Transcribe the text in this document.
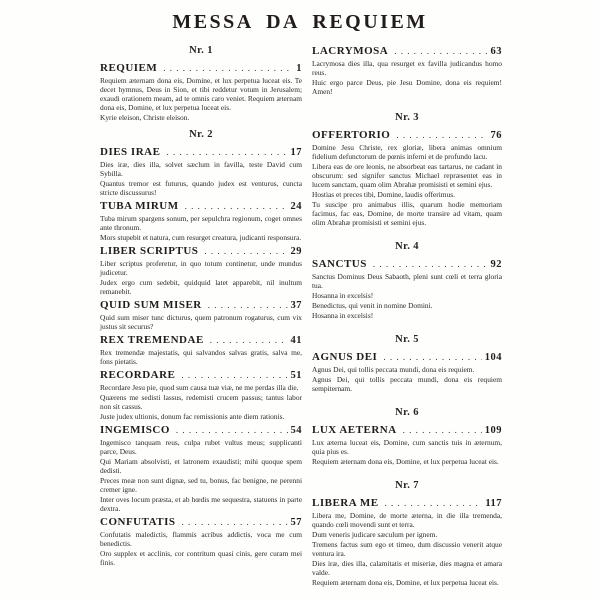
MESSA DA REQUIEM
Nr. 1
REQUIEM . . .	1

Requiem æternam dona eis, Domine, et lux perpetua luceat eis. Te decet hymnus, Deus in Sion, et tibi reddetur votum in Jerusalem; exaudi orationem meam, ad te omnis caro veniet. Requiem æternam dona eis, Domine, et lux perpetua luceat eis.

Kyrie eleison, Christe eleison.

Nr. 2
DIES IRAE . . .	17

Dies iræ, dies illa, solvet sæclum in favilla, teste David cum Sybilla.

Quantus tremor est futurus, quando judex est venturus, cuncta stricte discussurus!

TUBA MIRUM . . .	24

Tuba mirum spargens sonum, per sepulchra regionum, coget omnes ante thronum.

Mors stupebit et natura, cum resurget creatura, judicanti responsura.

LIBER SCRIPTUS . . .	29

Liber scriptus proferetur, in quo totum continetur, unde mundus judicetur.

Judex ergo cum sedebit, quidquid latet apparebit, nil inultum remanebit.

QUID SUM MISER . . .	37

Quid sum miser tunc dicturus, quem patronum rogaturus, cum vix justus sit securus?

REX TREMENDAE . . .	41

Rex tremendæ majestatis, qui salvandos salvas gratis, salva me, fons pietatis.

RECORDARE . . .	51

Recordare Jesu pie, quod sum causa tuæ viæ, ne me perdas illa die.

Quærens me sedisti lassus, redemisti crucem passus; tantus labor non sit cassus.

Juste judex ultionis, donum fac remissionis ante diem rationis.

INGEMISCO . . .	54

Ingemisco tanquam reus, culpa rubet vultus meus; supplicanti parce, Deus.

Qui Mariam absolvisti, et latronem exaudisti; mihi quoque spem dedisti.

Preces meæ non sunt dignæ, sed tu, bonus, fac benigne, ne perenni cremer igne.

Inter oves locum præsta, et ab hœdis me sequestra, statuens in parte dextra.

CONFUTATIS . . .	57

Confutatis maledictis, flammis acribus addictis, voca me cum benedictis.

Oro supplex et acclinis, cor contritum quasi cinis, gere curam mei finis.

LACRYMOSA . . .	63

Lacrymosa dies illa, qua resurget ex favilla judicandus homo reus.

Huic ergo parce Deus, pie Jesu Domine, dona eis requiem! Amen!

Nr. 3
OFFERTORIO . . .	76

Domine Jesu Christe, rex gloriæ, libera animas omnium fidelium defunctorum de pœnis inferni et de profundo lacu.

Libera eas de ore leonis, ne absorbeat eas tartarus, ne cadant in obscurum: sed signifer sanctus Michael repræsentet eas in lucem sanctam, quam olim Abrahæ promisisti et semini ejus.

Hostias et preces tibi, Domine, laudis offerimus.

Tu suscipe pro animabus illis, quarum hodie memoriam facimus, fac eas, Domine, de morte transire ad vitam, quam olim Abrahæ promisisti et semini ejus.

Nr. 4
SANCTUS . . .	92

Sanctus Dominus Deus Sabaoth, pleni sunt cœli et terra gloria tua.

Hosanna in excelsis!

Benedictus, qui venit in nomine Domini.

Hosanna in excelsis!

Nr. 5
AGNUS DEI . . .	104

Agnus Dei, qui tollis peccata mundi, dona eis requiem.

Agnus Dei, qui tollis peccata mundi, dona eis requiem sempiternam.

Nr. 6
LUX AETERNA . . .	109

Lux æterna luceat eis, Domine, cum sanctis tuis in æternum, quia pius es.

Requiem æternam dona eis, Domine, et lux perpetua luceat eis.

Nr. 7
LIBERA ME . . .	117

Libera me, Domine, de morte æterna, in die illa tremenda, quando cœli movendi sunt et terra.

Dum veneris judicare sæculum per ignem.

Tremens factus sum ego et timeo, dum discussio venerit atque ventura ira.

Dies iræ, dies illa, calamitatis et miseriæ, dies magna et amara valde.

Requiem æternam dona eis, Domine, et lux perpetua luceat eis.
